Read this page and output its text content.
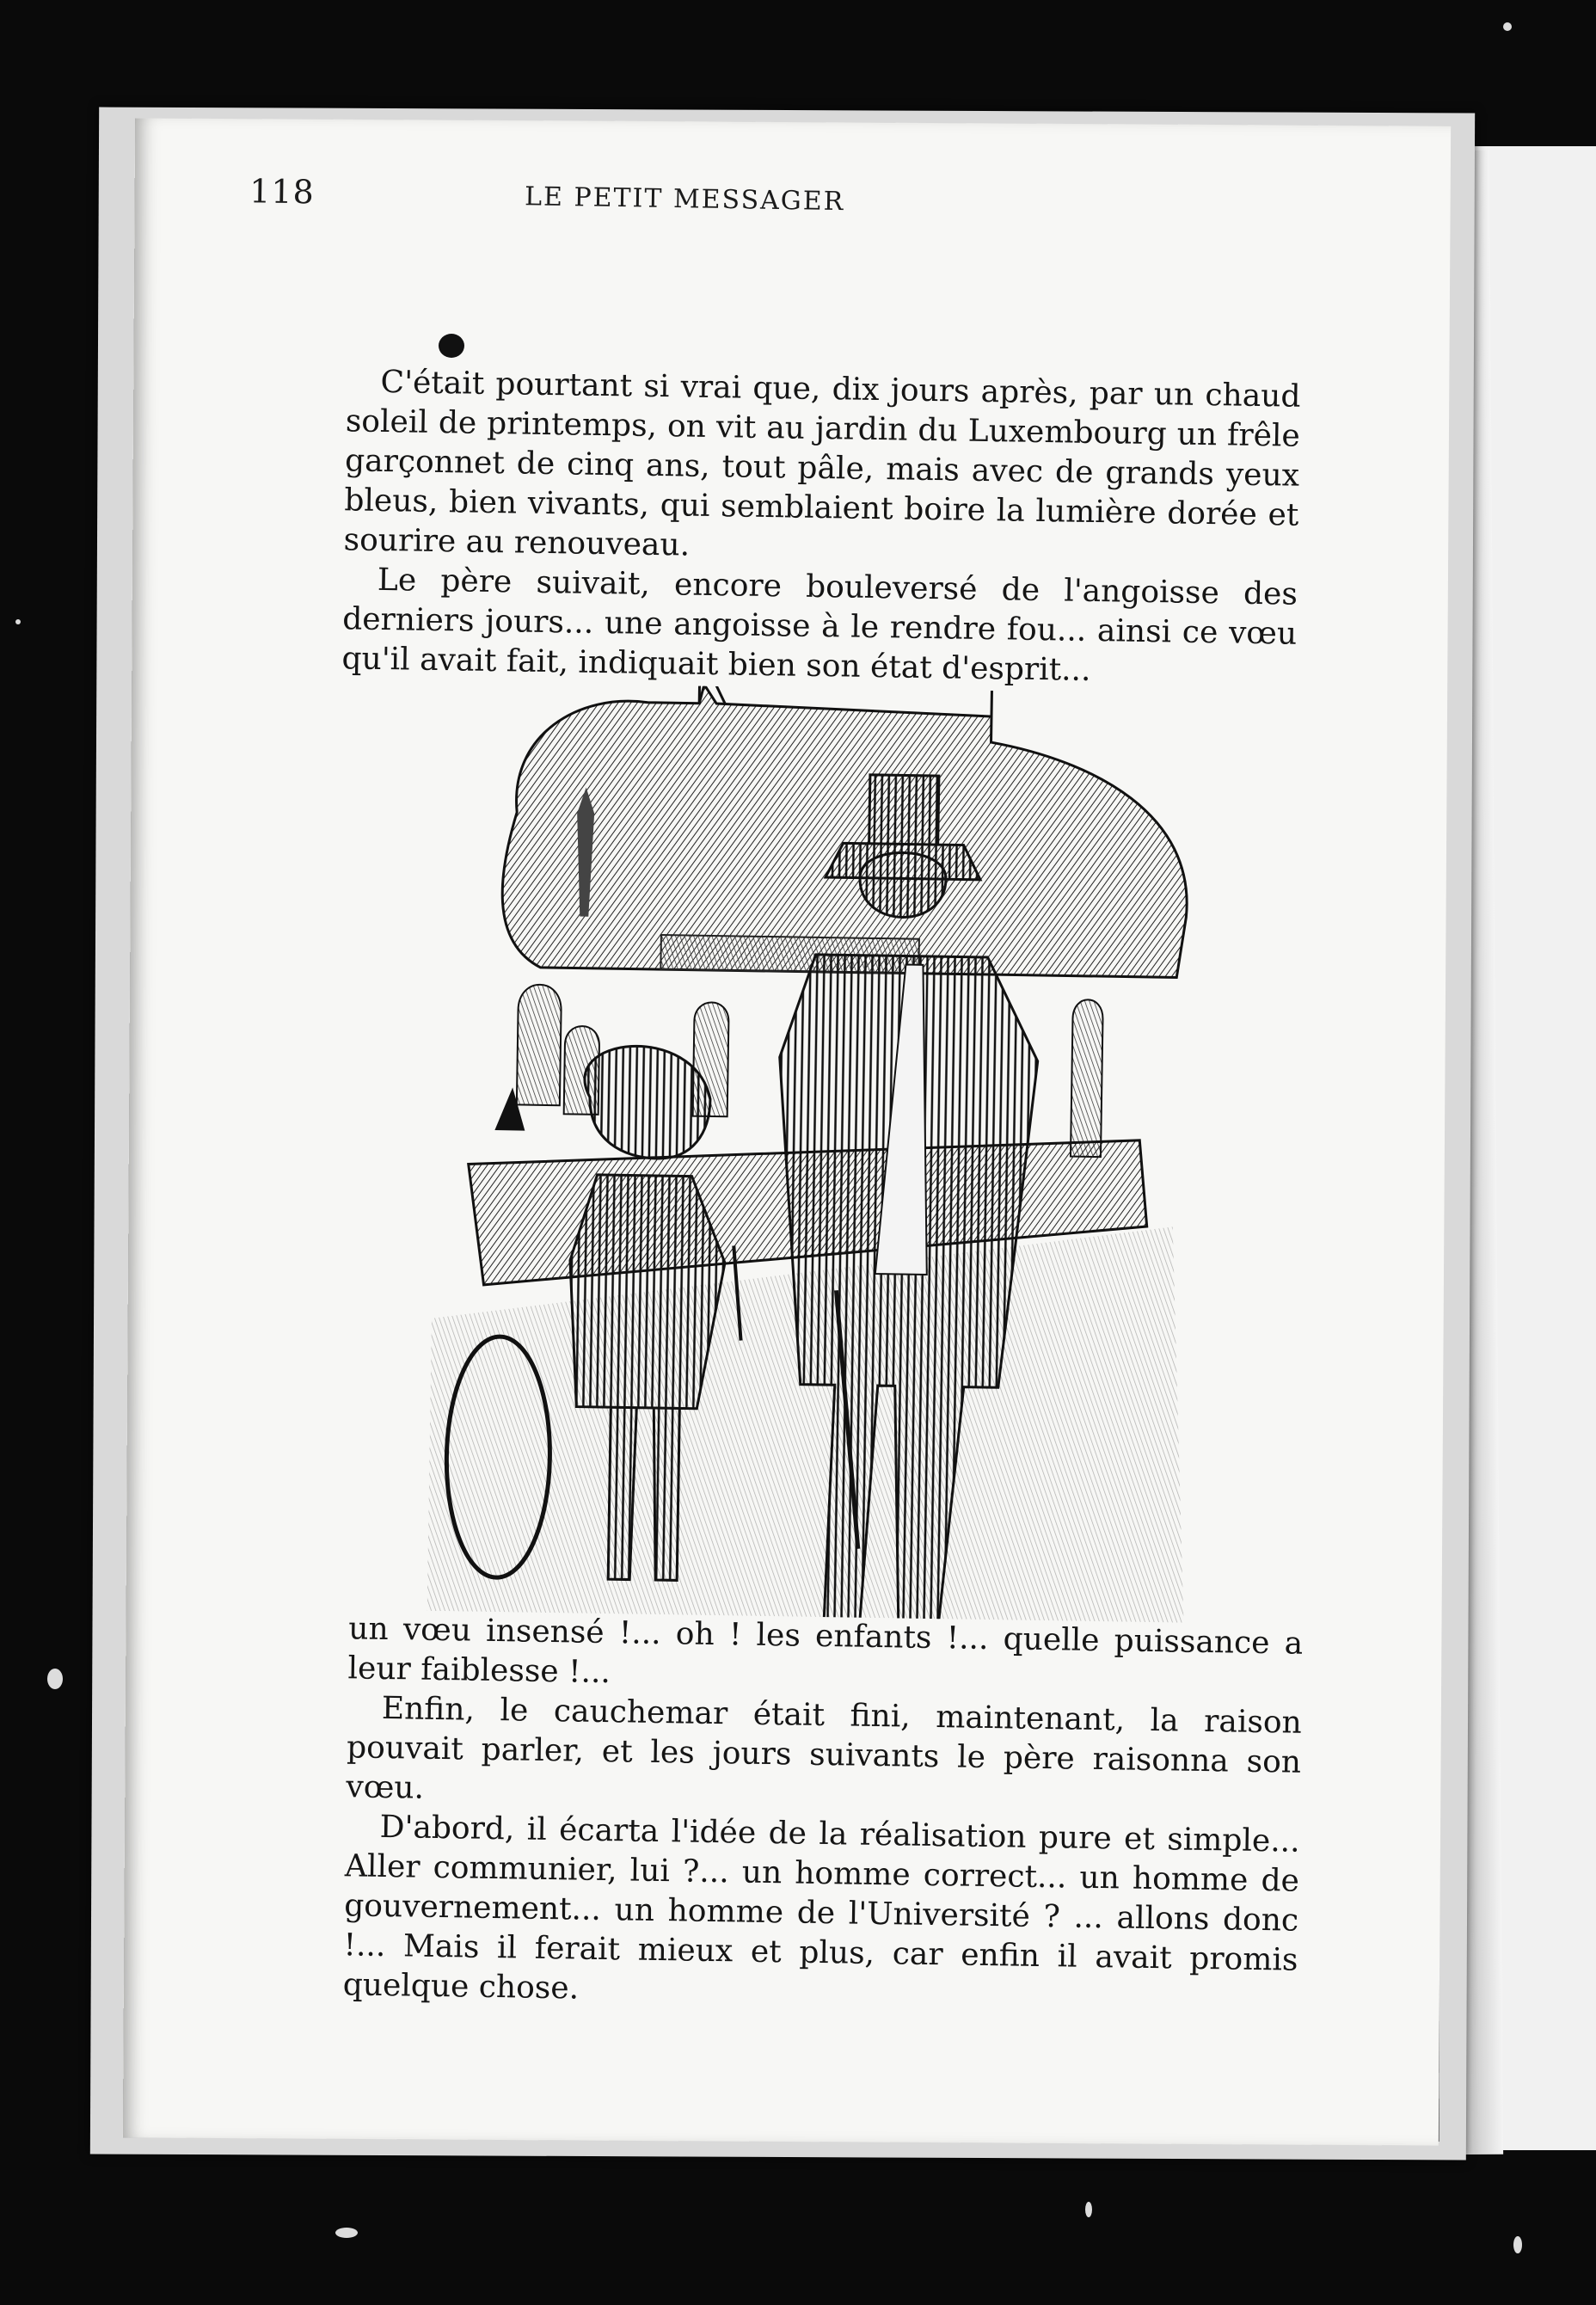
118	LE PETIT MESSAGER

C'était pourtant si vrai que, dix jours après, par un chaud soleil de printemps, on vit au jardin du Luxembourg un frêle garçonnet de cinq ans, tout pâle, mais avec de grands yeux bleus, bien vivants, qui semblaient boire la lumière dorée et sourire au renouveau.

Le père suivait, encore bouleversé de l'angoisse des derniers jours... une angoisse à le rendre fou... ainsi ce vœu qu'il avait fait, indiquait bien son état d'esprit...

un vœu insensé !... oh ! les enfants !... quelle puissance a leur faiblesse !...

Enfin, le cauchemar était fini, maintenant, la raison pouvait parler, et les jours suivants le père raisonna son vœu.

D'abord, il écarta l'idée de la réalisation pure et simple... Aller communier, lui ?... un homme correct... un homme de gouvernement... un homme de l'Université ? ... allons donc !... Mais il ferait mieux et plus, car enfin il avait promis quelque chose.
